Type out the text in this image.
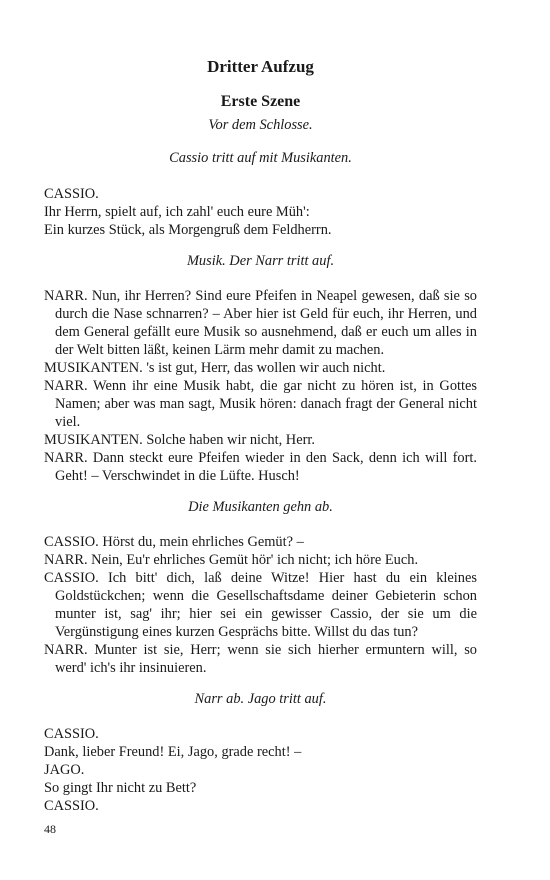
Dritter Aufzug
Erste Szene

Vor dem Schlosse.

Cassio tritt auf mit Musikanten.

CASSIO.

Ihr Herrn, spielt auf, ich zahl' euch eure Müh':

Ein kurzes Stück, als Morgengruß dem Feldherrn.

Musik. Der Narr tritt auf.

NARR. Nun, ihr Herren? Sind eure Pfeifen in Neapel gewesen, daß sie so durch die Nase schnarren? – Aber hier ist Geld für euch, ihr Herren, und dem General gefällt eure Musik so ausnehmend, daß er euch um alles in der Welt bitten läßt, keinen Lärm mehr damit zu machen.

MUSIKANTEN. 's ist gut, Herr, das wollen wir auch nicht.

NARR. Wenn ihr eine Musik habt, die gar nicht zu hören ist, in Gottes Namen; aber was man sagt, Musik hören: danach fragt der General nicht viel.

MUSIKANTEN. Solche haben wir nicht, Herr.

NARR. Dann steckt eure Pfeifen wieder in den Sack, denn ich will fort. Geht! – Verschwindet in die Lüfte. Husch!

Die Musikanten gehn ab.

CASSIO. Hörst du, mein ehrliches Gemüt? –

NARR. Nein, Eu'r ehrliches Gemüt hör' ich nicht; ich höre Euch.

CASSIO. Ich bitt' dich, laß deine Witze! Hier hast du ein kleines Goldstückchen; wenn die Gesellschaftsdame deiner Gebieterin schon munter ist, sag' ihr; hier sei ein gewisser Cassio, der sie um die Vergünstigung eines kurzen Gesprächs bitte. Willst du das tun?

NARR. Munter ist sie, Herr; wenn sie sich hierher ermuntern will, so werd' ich's ihr insinuieren.

Narr ab. Jago tritt auf.

CASSIO.

Dank, lieber Freund! Ei, Jago, grade recht! –

JAGO.

So gingt Ihr nicht zu Bett?

CASSIO.

48
